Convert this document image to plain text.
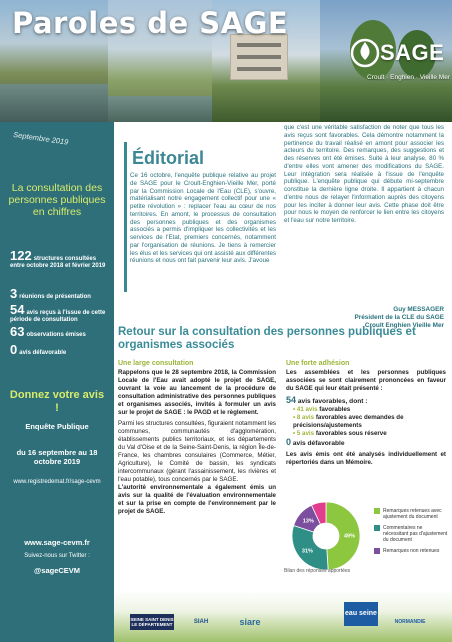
Paroles de SAGE
SAGE
Croult · Enghien · Vieille Mer
Septembre 2019
La consultation des personnes publiques en chiffres
122 structures consultées entre octobre 2018 et février 2019
3 réunions de présentation
54 avis reçus à l'issue de cette période de consultation
63 observations émises
0 avis défavorable
Donnez votre avis !
Enquête Publique
du 16 septembre au 18 octobre 2019
www.registredemat.fr/sage-cevm
www.sage-cevm.fr
Suivez-nous sur Twitter :
@sageCEVM
Éditorial
Ce 16 octobre, l'enquête publique relative au projet de SAGE pour le Croult-Enghien-Vieille Mer, porté par la Commission Locale de l'Eau (CLE), s'ouvre, matérialisant notre engagement collectif pour une « petite révolution » : replacer l'eau au cœur de nos territoires. En amont, le processus de consultation des personnes publiques et des organismes associés a permis d'impliquer les collectivités et les services de l'Etat, premiers concernés, notamment par l'organisation de réunions. Je tiens à remercier les élus et les services qui ont assisté aux différentes réunions et nous ont fait parvenir leur avis. J'avoue
que c'est une véritable satisfaction de noter que tous les avis reçus sont favorables. Cela démontre notamment la pertinence du travail réalisé en amont pour associer les acteurs du territoire. Des remarques, des suggestions et des réserves ont été émises. Suite à leur analyse, 80 % d'entre elles vont amener des modifications du SAGE. Leur intégration sera réalisée à l'issue de l'enquête publique. L'enquête publique qui débute mi-septembre constitue la dernière ligne droite. Il appartient à chacun d'entre nous de relayer l'information auprès des citoyens pour les inciter à donner leur avis. Cette phase doit être pour nous le moyen de renforcer le lien entre les citoyens et l'eau sur notre territoire.
Guy MESSAGER
Président de la CLE du SAGE
Croult Enghien Vieille Mer
Retour sur la consultation des personnes publiques et organismes associés
Une large consultation

Rappelons que le 28 septembre 2018, la Commission Locale de l'Eau avait adopté le projet de SAGE, ouvrant la voie au lancement de la procédure de consultation administrative des personnes publiques et organismes associés, invités à formuler un avis sur le projet de SAGE : le PAGD et le règlement.

Parmi les structures consultées, figuraient notamment les communes, communautés d'agglomération, établissements publics territoriaux, et les départements du Val d'Oise et de la Seine-Saint-Denis, la région Île-de-France, les chambres consulaires (Commerce, Métier, Agriculture), le Comité de bassin, les syndicats intercommunaux (gérant l'assainissement, les rivières et l'eau potable), tous concernés par le SAGE.

L'autorité environnementale a également émis un avis sur la qualité de l'évaluation environnementale et sur la prise en compte de l'environnement par le projet de SAGE.

Une forte adhésion

Les assemblées et les personnes publiques associées se sont clairement prononcées en faveur du SAGE qui leur était présenté :

54 avis favorables, dont :
• 41 avis favorables
• 8 avis favorables avec demandes de précisions/ajustements
• 5 avis favorables sous réserve
0 avis défavorable

Les avis émis ont été analysés individuellement et répertoriés dans un Mémoire.

49%
31%
13%
Bilan des réponses apportées
Remarques retenues avec ajustement du document
Commentaires ne nécessitant pas d'ajustement du document
Remarques non retenues
SEINE SAINT DENIS LE DÉPARTEMENT	SIAH	siare
eau seine
NORMANDIE
